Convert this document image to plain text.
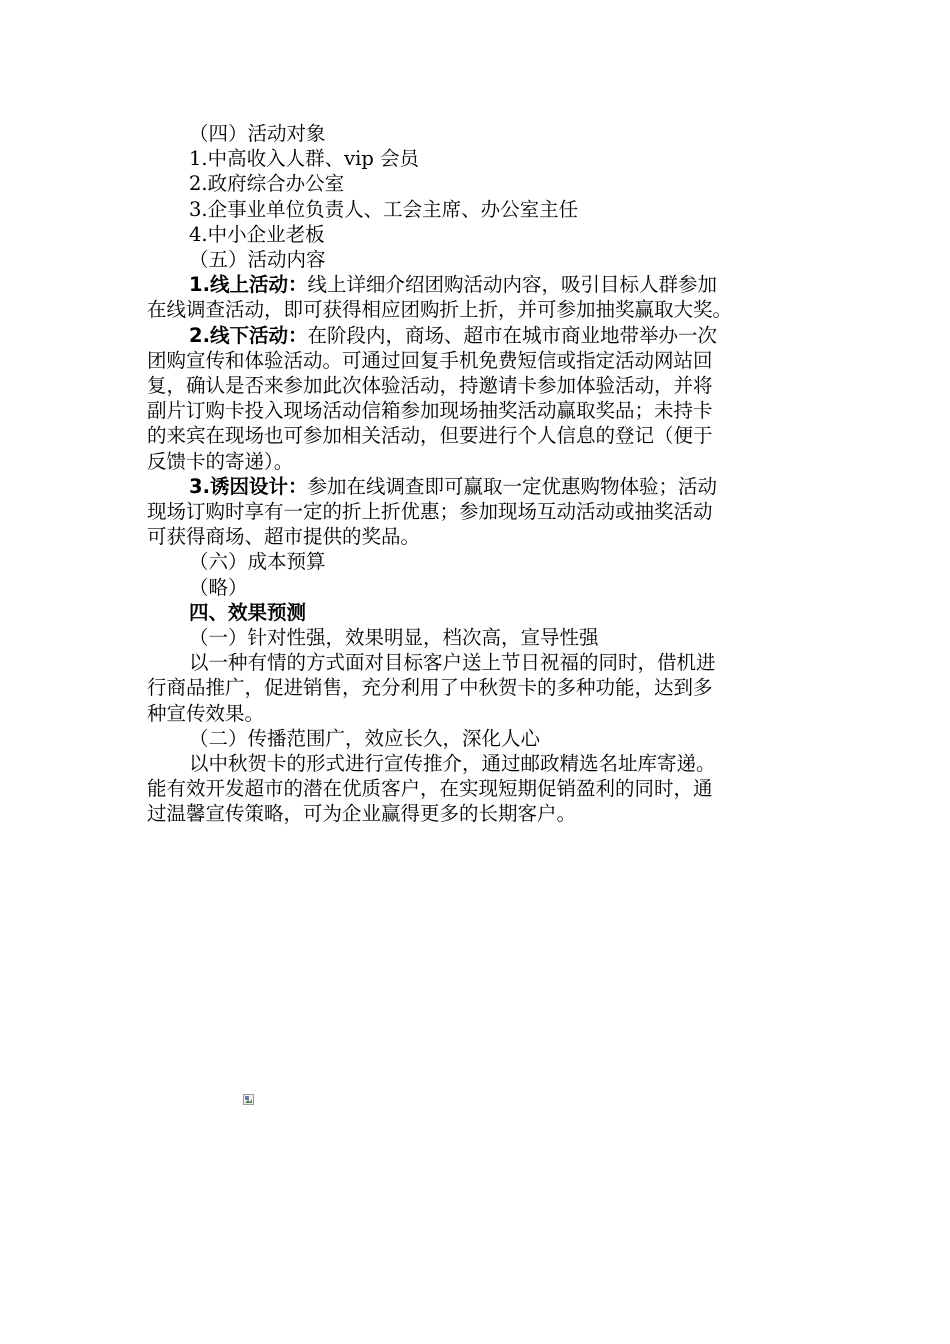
（四）活动对象
1.中高收入人群、vip 会员
2.政府综合办公室
3.企事业单位负责人、工会主席、办公室主任
4.中小企业老板
（五）活动内容
1.线上活动：线上详细介绍团购活动内容，吸引目标人群参加
在线调查活动，即可获得相应团购折上折，并可参加抽奖赢取大奖。
2.线下活动：在阶段内，商场、超市在城市商业地带举办一次
团购宣传和体验活动。可通过回复手机免费短信或指定活动网站回
复，确认是否来参加此次体验活动，持邀请卡参加体验活动，并将
副片订购卡投入现场活动信箱参加现场抽奖活动赢取奖品；未持卡
的来宾在现场也可参加相关活动，但要进行个人信息的登记（便于
反馈卡的寄递）。
3.诱因设计：参加在线调查即可赢取一定优惠购物体验；活动
现场订购时享有一定的折上折优惠；参加现场互动活动或抽奖活动
可获得商场、超市提供的奖品。
（六）成本预算
（略）
四、效果预测
（一）针对性强，效果明显，档次高，宣导性强
以一种有情的方式面对目标客户送上节日祝福的同时，借机进
行商品推广，促进销售，充分利用了中秋贺卡的多种功能，达到多
种宣传效果。
（二）传播范围广，效应长久，深化人心
以中秋贺卡的形式进行宣传推介，通过邮政精选名址库寄递。
能有效开发超市的潜在优质客户，在实现短期促销盈利的同时，通
过温馨宣传策略，可为企业赢得更多的长期客户。
